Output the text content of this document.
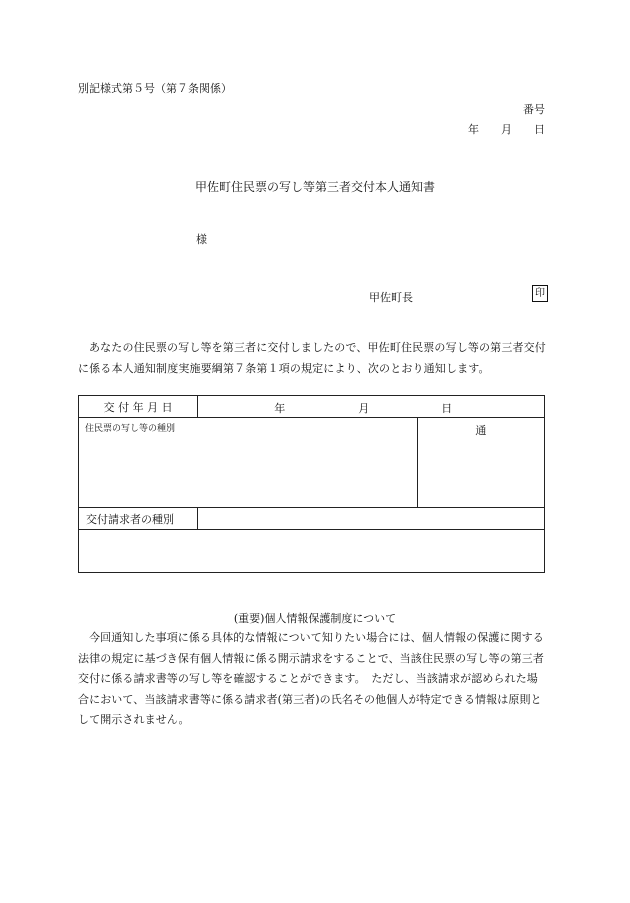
別記様式第５号（第７条関係）
番号
年 月 日
甲佐町住民票の写し等第三者交付本人通知書
様
甲佐町長	印
あなたの住民票の写し等を第三者に交付しましたので、甲佐町住民票の写し等の第三者交付に係る本人通知制度実施要綱第７条第１項の規定により、次のとおり通知します。
交 付 年 月 日	年 月 日	

住民票の写し等の種別		通
交付請求者の種別		

(重要)個人情報保護制度について
今回通知した事項に係る具体的な情報について知りたい場合には、個人情報の保護に関する法律の規定に基づき保有個人情報に係る開示請求をすることで、当該住民票の写し等の第三者交付に係る請求書等の写し等を確認することができます。　ただし、当該請求が認められた場合において、当該請求書等に係る請求者(第三者)の氏名その他個人が特定できる情報は原則として開示されません。
